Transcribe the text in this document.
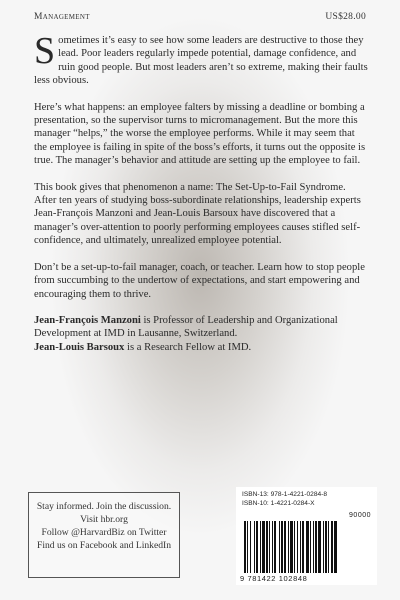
Management	US$28.00

Sometimes it’s easy to see how some leaders are destructive to those they lead. Poor leaders regularly impede potential, damage confidence, and ruin good people. But most leaders aren’t so extreme, making their faults less obvious.

Here’s what happens: an employee falters by missing a deadline or bombing a presentation, so the supervisor turns to micromanagement. But the more this manager “helps,” the worse the employee performs. While it may seem that the employee is failing in spite of the boss’s efforts, it turns out the opposite is true. The manager’s behavior and attitude are setting up the employee to fail.

This book gives that phenomenon a name: The Set-Up-to-Fail Syndrome. After ten years of studying boss-subordinate relationships, leadership experts Jean-François Manzoni and Jean-Louis Barsoux have discovered that a manager’s over-attention to poorly performing employees causes stifled self-confidence, and ultimately, unrealized employee potential.

Don’t be a set-up-to-fail manager, coach, or teacher. Learn how to stop people from succumbing to the undertow of expectations, and start empowering and encouraging them to thrive.

Jean-François Manzoni is Professor of Leadership and Organizational Development at IMD in Lausanne, Switzerland.

Jean-Louis Barsoux is a Research Fellow at IMD.

Stay informed. Join the discussion.
Visit hbr.org
Follow @HarvardBiz on Twitter
Find us on Facebook and LinkedIn
ISBN-13: 978-1-4221-0284-8
ISBN-10: 1-4221-0284-X
90000
9 781422 102848
